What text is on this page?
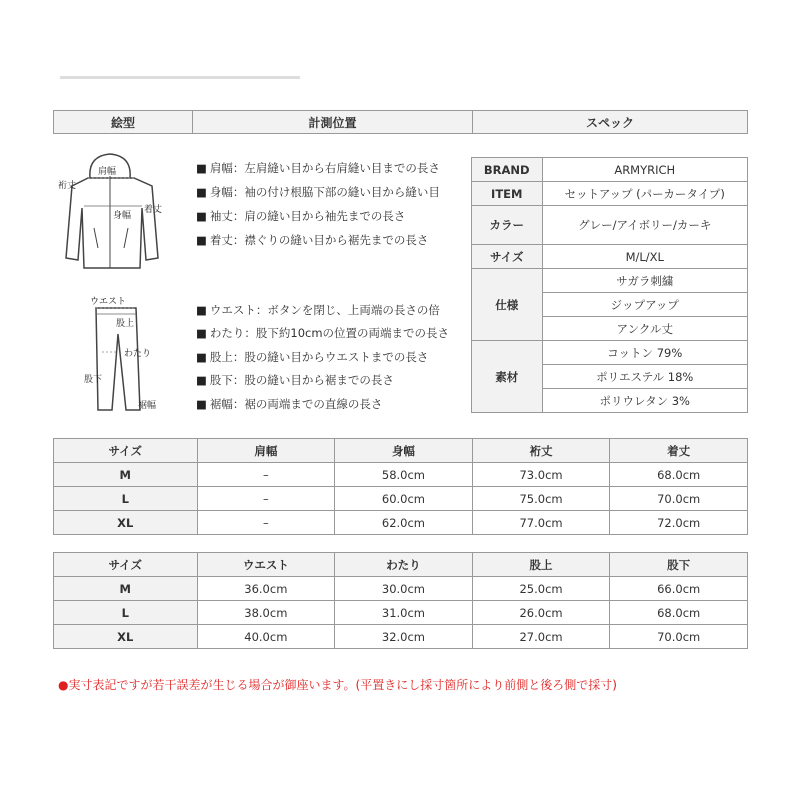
絵型	計測位置	スペック
肩幅
裄丈
身幅
着丈
ウエスト
股上
わたり
股下
裾幅
■ 肩幅：左肩縫い目から右肩縫い目までの長さ
■ 身幅：袖の付け根脇下部の縫い目から縫い目
■ 袖丈：肩の縫い目から袖先までの長さ
■ 着丈：襟ぐりの縫い目から裾先までの長さ
■ ウエスト：ボタンを閉じ、上両端の長さの倍
■ わたり：股下約10cmの位置の両端までの長さ
■ 股上：股の縫い目からウエストまでの長さ
■ 股下：股の縫い目から裾までの長さ
■ 裾幅：裾の両端までの直線の長さ
BRAND	ARMYRICH
ITEM	セットアップ (パーカータイプ)
カラー	グレー/アイボリー/カーキ
サイズ	M/L/XL
仕様	サガラ刺繍
	ジップアップ
	アンクル丈
素材	コットン 79%
	ポリエステル 18%
	ポリウレタン 3%
サイズ	肩幅	身幅	裄丈	着丈
M	–	58.0cm	73.0cm	68.0cm
L	–	60.0cm	75.0cm	70.0cm
XL	–	62.0cm	77.0cm	72.0cm
サイズ	ウエスト	わたり	股上	股下
M	36.0cm	30.0cm	25.0cm	66.0cm
L	38.0cm	31.0cm	26.0cm	68.0cm
XL	40.0cm	32.0cm	27.0cm	70.0cm
●実寸表記ですが若干誤差が生じる場合が御座います。(平置きにし採寸箇所により前側と後ろ側で採寸)
